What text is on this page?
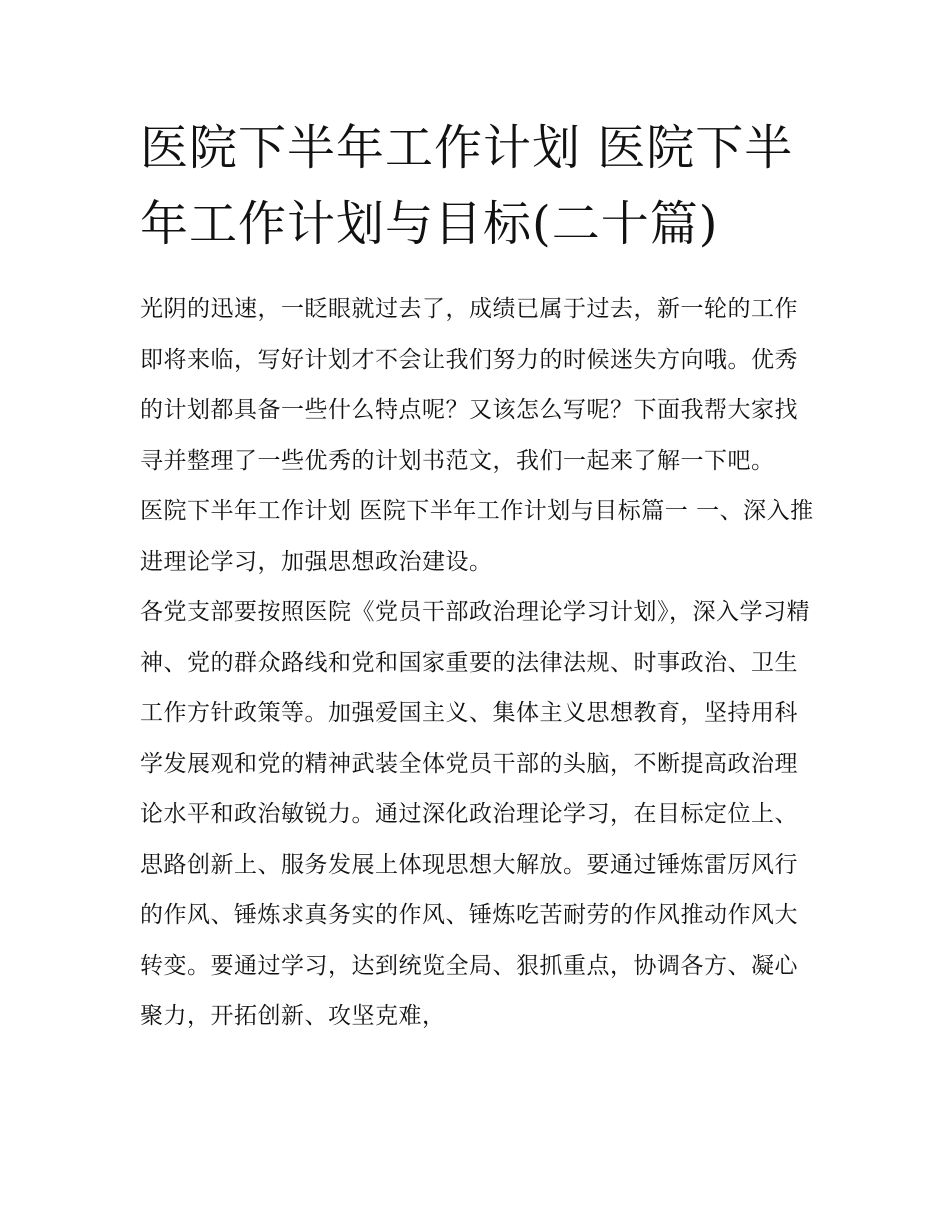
医院下半年工作计划 医院下半年工作计划与目标(二十篇)

光阴的迅速，一眨眼就过去了，成绩已属于过去，新一轮的工作即将来临，写好计划才不会让我们努力的时候迷失方向哦。优秀的计划都具备一些什么特点呢？又该怎么写呢？下面我帮大家找寻并整理了一些优秀的计划书范文，我们一起来了解一下吧。

医院下半年工作计划 医院下半年工作计划与目标篇一 一、深入推进理论学习，加强思想政治建设。

各党支部要按照医院《党员干部政治理论学习计划》，深入学习精神、党的群众路线和党和国家重要的法律法规、时事政治、卫生工作方针政策等。加强爱国主义、集体主义思想教育，坚持用科学发展观和党的精神武装全体党员干部的头脑，不断提高政治理论水平和政治敏锐力。通过深化政治理论学习，在目标定位上、思路创新上、服务发展上体现思想大解放。要通过锤炼雷厉风行的作风、锤炼求真务实的作风、锤炼吃苦耐劳的作风推动作风大转变。要通过学习，达到统览全局、狠抓重点，协调各方、凝心聚力，开拓创新、攻坚克难，
